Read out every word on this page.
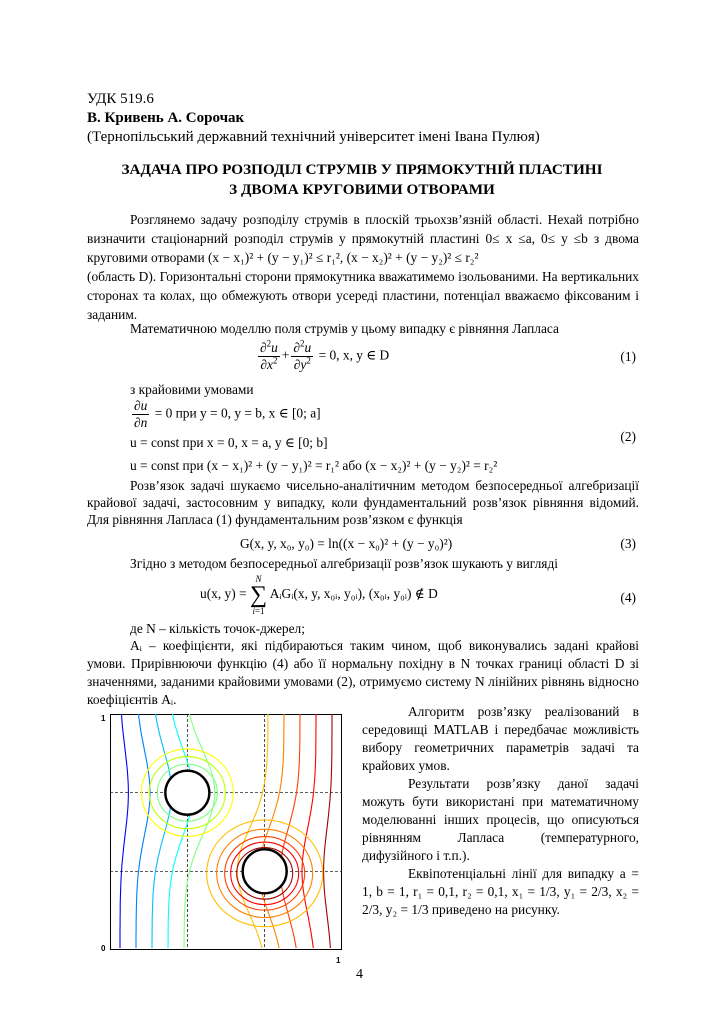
УДК 519.6
В. Кривень А. Сорочак
(Тернопільський державний технічний університет імені Івана Пулюя)
ЗАДАЧА ПРО РОЗПОДІЛ СТРУМІВ У ПРЯМОКУТНІЙ ПЛАСТИНІ
З ДВОМА КРУГОВИМИ ОТВОРАМИ

Розглянемо задачу розподілу струмів в плоскій трьохзв’язній області. Нехай потрібно визначити стаціонарний розподіл струмів у прямокутній пластині 0≤ x ≤a, 0≤ y ≤b з двома круговими отворами (x − x₁)² + (y − y₁)² ≤ r₁², (x − x₂)² + (y − y₂)² ≤ r₂²

(область D). Горизонтальні сторони прямокутника вважатимемо ізольованими. На вертикальних сторонах та колах, що обмежують отвори усереді пластини, потенціал вважаємо фіксованим і заданим.

Математичною моделлю поля струмів у цьому випадку є рівняння Лапласа
$\frac{\partial^2u}{\partial x^2} + \frac{\partial^2u}{\partial y^2} = 0$, x, y ∈ D	(1)
з крайовими умовами
$\frac{\partial u}{\partial n} = 0$ при y = 0, y = b, x ∈ [0; a]
u = const при x = 0, x = a, y ∈ [0; b]
u = const при (x − x₁)² + (y − y₁)² = r₁² або (x − x₂)² + (y − y₂)² = r₂²
(2)
Розв’язок задачі шукаємо чисельно-аналітичним методом безпосередньої алгебризації крайової задачі, застосовним у випадку, коли фундаментальний розв’язок рівняння відомий. Для рівняння Лапласа (1) фундаментальним розв’язком є функція
G(x, y, x₀, y₀) = ln((x − x₀)² + (y − y₀)²)	(3)
Згідно з методом безпосередньої алгебризації розв’язок шукають у вигляді
u(x, y) =
N
∑
i=1
AᵢGᵢ(x, y, x₀ᵢ, y₀ᵢ), (x₀ᵢ, y₀ᵢ) ∉ D	(4)
де N – кількість точок-джерел;
Aᵢ – коефіцієнти, які підбираються таким чином, щоб виконувались задані крайові умови. Прирівнюючи функцію (4) або її нормальну похідну в N точках границі області D зі значеннями, заданими крайовими умовами (2), отримуємо систему N лінійних рівнянь відносно коефіцієнтів Aᵢ.
1
0
1

Алгоритм розв’язку реалізований в середовищі MATLAB і передбачає можливість вибору геометричних параметрів задачі та крайових умов.

Результати розв’язку даної задачі можуть бути використані при математичному моделюванні інших процесів, що описуються рівнянням Лапласа (температурного, дифузійного і т.п.).

Еквіпотенціальні лінії для випадку a = 1, b = 1, r₁ = 0,1, r₂ = 0,1, x₁ = 1/3, y₁ = 2/3, x₂ = 2/3, y₂ = 1/3 приведено на рисунку.

4
